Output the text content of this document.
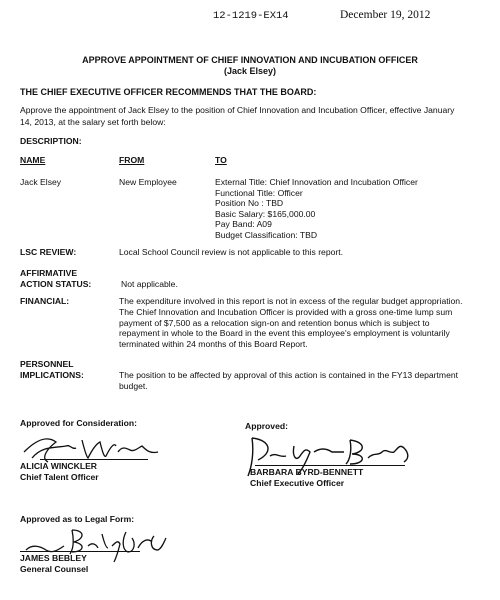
12-1219-EX14	December 19, 2012
APPROVE APPOINTMENT OF CHIEF INNOVATION AND INCUBATION OFFICER
(Jack Elsey)
THE CHIEF EXECUTIVE OFFICER RECOMMENDS THAT THE BOARD:
Approve the appointment of Jack Elsey to the position of Chief Innovation and Incubation Officer, effective January
14, 2013, at the salary set forth below:
DESCRIPTION:
NAME	FROM	TO
Jack Elsey	New Employee	External Title: Chief Innovation and Incubation Officer
Functional Title: Officer
Position No : TBD
Basic Salary: $165,000.00
Pay Band: A09
Budget Classification: TBD
LSC REVIEW:	Local School Council review is not applicable to this report.
AFFIRMATIVE
ACTION STATUS:	Not applicable.
FINANCIAL:	The expenditure involved in this report is not in excess of the regular budget appropriation.
The Chief Innovation and Incubation Officer is provided with a gross one-time lump sum
payment of $7,500 as a relocation sign-on and retention bonus which is subject to
repayment in whole to the Board in the event this employee's employment is voluntarily
terminated within 24 months of this Board Report.
PERSONNEL
IMPLICATIONS:	The position to be affected by approval of this action is contained in the FY13 department
budget.
Approved for Consideration:
ALICIA WINCKLER
Chief Talent Officer
Approved:
BARBARA BYRD-BENNETT
Chief Executive Officer
Approved as to Legal Form:
JAMES BEBLEY
General Counsel
